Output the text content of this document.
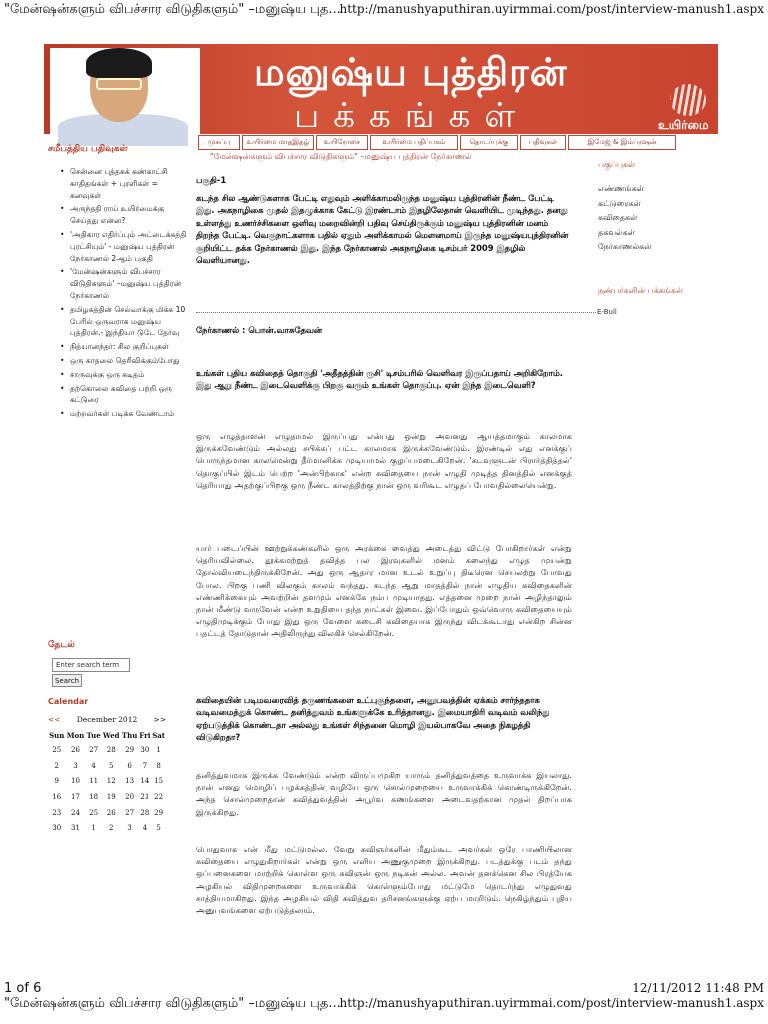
"மேன்ஷன்களும் விபச்சார விடுதிகளும்" –மனுஷ்ய புத...
http://manushyaputhiran.uyirmmai.com/post/interview-manush1.aspx
மனுஷ்ய புத்திரன்
பக்கங்கள்	உயிர்மை
முகப்பு	உயிர்மை மாதஇதழ்	உயிரோசை	உயிர்மை பதிப்பகம்	தொடர்புக்கு	பதிவுகள்	இமேஜ் & இம்ப்ரஷன்
"மேன்ஷன்களும் விபச்சார விடுதிகளும்" –மனுஷ்ய புத்திரன் நேர்காணல்
சமீபத்திய பதிவுகள்
• சென்னை புத்தகக் கண்காட்சி காதிதங்கள் + புரளிகள் = கனவுகள்
• அருந்ததி ராய் உயிர்மைக்கு செய்தது என்ன?
• 'அதிகார எதிர்ப்பும் அட்டைக்கத்தி புரட்சியும்' - மனுஷ்ய புத்திரன் நேர்காணல் 2ஆம் பகுதி
• 'மேன்ஷன்களும் விபச்சார விடுதிகளும்' –மனுஷ்ய புத்திரன் நேர்காணல்
• தமிழகத்தின் செல்வாக்கு மிக்க 10 பேரில் ஒருவராக மனுஷ்ய புத்திரன்.- இந்தியா டுடே தேர்வு
• நித்யானந்தர்: சில குறிப்புகள்
• ஒரு காதலை தெரிவிக்கும்போது
• சாருவுக்கு ஒரு கடிதம்
• தற்கொலை கவிதை பற்றி ஒரு கட்டுரை
• மற்றவர்கள் படிக்க வேண்டாம்
தேடல்
Enter search term
Search
Calendar
<< December 2012 >>
Sun	Mon	Tue	Wed	Thu	Fri	Sat
25	26	27	28	29	30	1
2	3	4	5	6	7	8
9	10	11	12	13	14	15
16	17	18	19	20	21	22
23	24	25	26	27	28	29
30	31	1	2	3	4	5
பகுப்புகள்
எண்ணங்கள்
கட்டுரைகள்
கவிதைகள்
தகவல்கள்
நேர்காணல்கள்
நண்பர்களின் பக்கங்கள்
பகுதி-1
கடந்த சில ஆண்டுகளாக பேட்டி எதுவும் அளிக்காமலிருந்த மனுஷ்ய புத்திரனின் நீண்ட பேட்டி இது. அகநாழிகை முதல் இதழுக்காக கேட்டு இரண்டாம் இதழிலேதான் வெளியிட முடிந்தது. தனது உள்ளத்து உணர்ச்சிகளை ஒளிவு மறைவின்றி பதிவு செய்திருக்கும் மனுஷ்ய புத்திரனின் மனம் திறந்த பேட்டி. வெகுநாட்களாக பதில் ஏதும் அளிக்காமல் மௌனமாய் இருந்த மனுஷ்யபுத்திரனின் குறியிட்ட தக்க நேர்காணல் இது. இந்த நேர்காணல் அகநாழிகை டிசம்பர் 2009 இதழில் வெளியானது.
E-Bull
நேர்காணல் : பொன்.வாசுதேவன்
உங்கள் புதிய கவிதைத் தொகுதி 'அதீதத்தின் ருசி' டிசம்பரில் வெளிவர இருப்பதாய் அறிகிறோம். இது ஆறு நீண்ட இடைவெளிக்கு பிறகு வரும் உங்கள் தொகுப்பு. ஏன் இந்த இடைவெளி?
ஒரு எழுத்தாளன் எழுதாமல் இருப்பது என்பது ஒன்று அவனது ஆயத்தமாகும் காலமாக இருக்கவேண்டும் அல்லது சபிக்கப் பட்ட காலமாக இருக்கவேண்டும். இரண்டில் எது எனக்குப் பொருந்தமான காலமென்று தீர்மானிக்க முடியாமல் குழப்பமடைகிறேன். 'கடவுளுடன் பிரார்த்தித்தல்' தொகுப்பில் இடம் பெற்ற 'அன்பிற்காக' என்ற கவிதையை நான் எழுதி முடித்த தினத்தில் எனக்குத் தெரியாது அதற்குப்பிறகு ஒரு நீண்ட காலத்திற்கு நான் ஒரு வரிகூட எழுதப் போவதில்லையென்று.
யார் படைப்பின் ஊற்றுக்கண்களில் ஒரு அரக்கை வைத்து அடைத்து விட்டு போகிறார்கள் என்று தெரியவில்லை. தூக்கமற்றுத் தவித்த பல இரவுகளில் மனம் கலைந்து எழுத முயன்று தோல்வியடைந்திருக்கிறேன். அது ஒரு ஆதார மான உடல் உறுப்பு திடீரென செயலற்று போவது போல. பிறகு பணி விலகும் காலம் வந்தது. கடந்த ஆறு மாதத்தில் நான் எழுதிய கவிதைகளின் எண்ணிக்கையும் அவற்றின் தளமும் எனக்கே நம்ப முடியாதது. எத்தனை முறை நான் அழிந்தாலும் நான் மீண்டு வருவேன் என்ற உறுதியை தந்த நாட்கள் இவை. இப்போதும் ஒவ்வொரு கவிதையையும் எழுதிமுடிக்கும் போது இது ஒரு வேளை கடைசி கவிதையாக இருந்து விடக்கூடாது என்கிற சின்ன பதட்டத் தோடுதான் அதிலிருந்து விலகிச் செல்கிறேன்.
கவிதையின் படிமவரைவித் தருணங்களை உட்புகுந்தளை, அனுபவத்தின் ஏக்கம் சார்ந்ததாக வடிவமைத்துக் கொண்ட தனித்துவம் உங்களுக்கே உரித்தானது. இமையாதிரி வடிவம் வலிந்து ஏற்படுத்திக் கொண்டதா அல்லது உங்கள் சிந்தனை மொழி இயல்பாகவே அதை நிகழத்தி விடுகிறதா?
தனித்துவமாக இருக்க வேண்டும் என்ற விருப்பமுகிற யாரும் தனித்துவத்தை உருவாக்க இயலாது. நான் எனது மொழிப் பழக்கத்தின் வழியே ஒரு சொல்முறையை உருவாக்கிக் கொண்டிருக்கிறேன். அந்த சொல்முறைதான் கவித்துவத்தின் அபூர்வ கணங்களை அடைவதற்கான முதல் திறப்பாக இருக்கிறது.
பொதுவாக என் மீது மட்டுமல்ல. வேறு கவிஞர்களின் மீதும்கூட அவர்கள் ஒரே பாணியிலான கவிதையை எழுதுகிறார்கள் என்று ஒரு எளிய அணுகுமுறை இருக்கிறது. படத்துக்கு படம் தந்து ஒப்பனைகளை மாற்றிக் கொள்ள ஒரு கவிஞன் ஒரு நடிகன் அல்ல. அவன் தனக்கென சில பிரத்யேக அழகியல் விதிமுறைகளை உருவாக்கிக் கொள்ளும்போது மட்டுமே தொடர்ந்து எழுதுவது சாத்தியமாகிறது. இந்த அழகியல் விதி கவித்துவ தரிசனங்களுக்கு ஏற்ப மாறிடும். நெகிழ்ந்தும் புதிய அனுபவங்களை ஏற்படுத்தலாம்.
1 of 6	12/11/2012 11:48 PM
"மேன்ஷன்களும் விபச்சார விடுதிகளும்" –மனுஷ்ய புத...
http://manushyaputhiran.uyirmmai.com/post/interview-manush1.aspx
